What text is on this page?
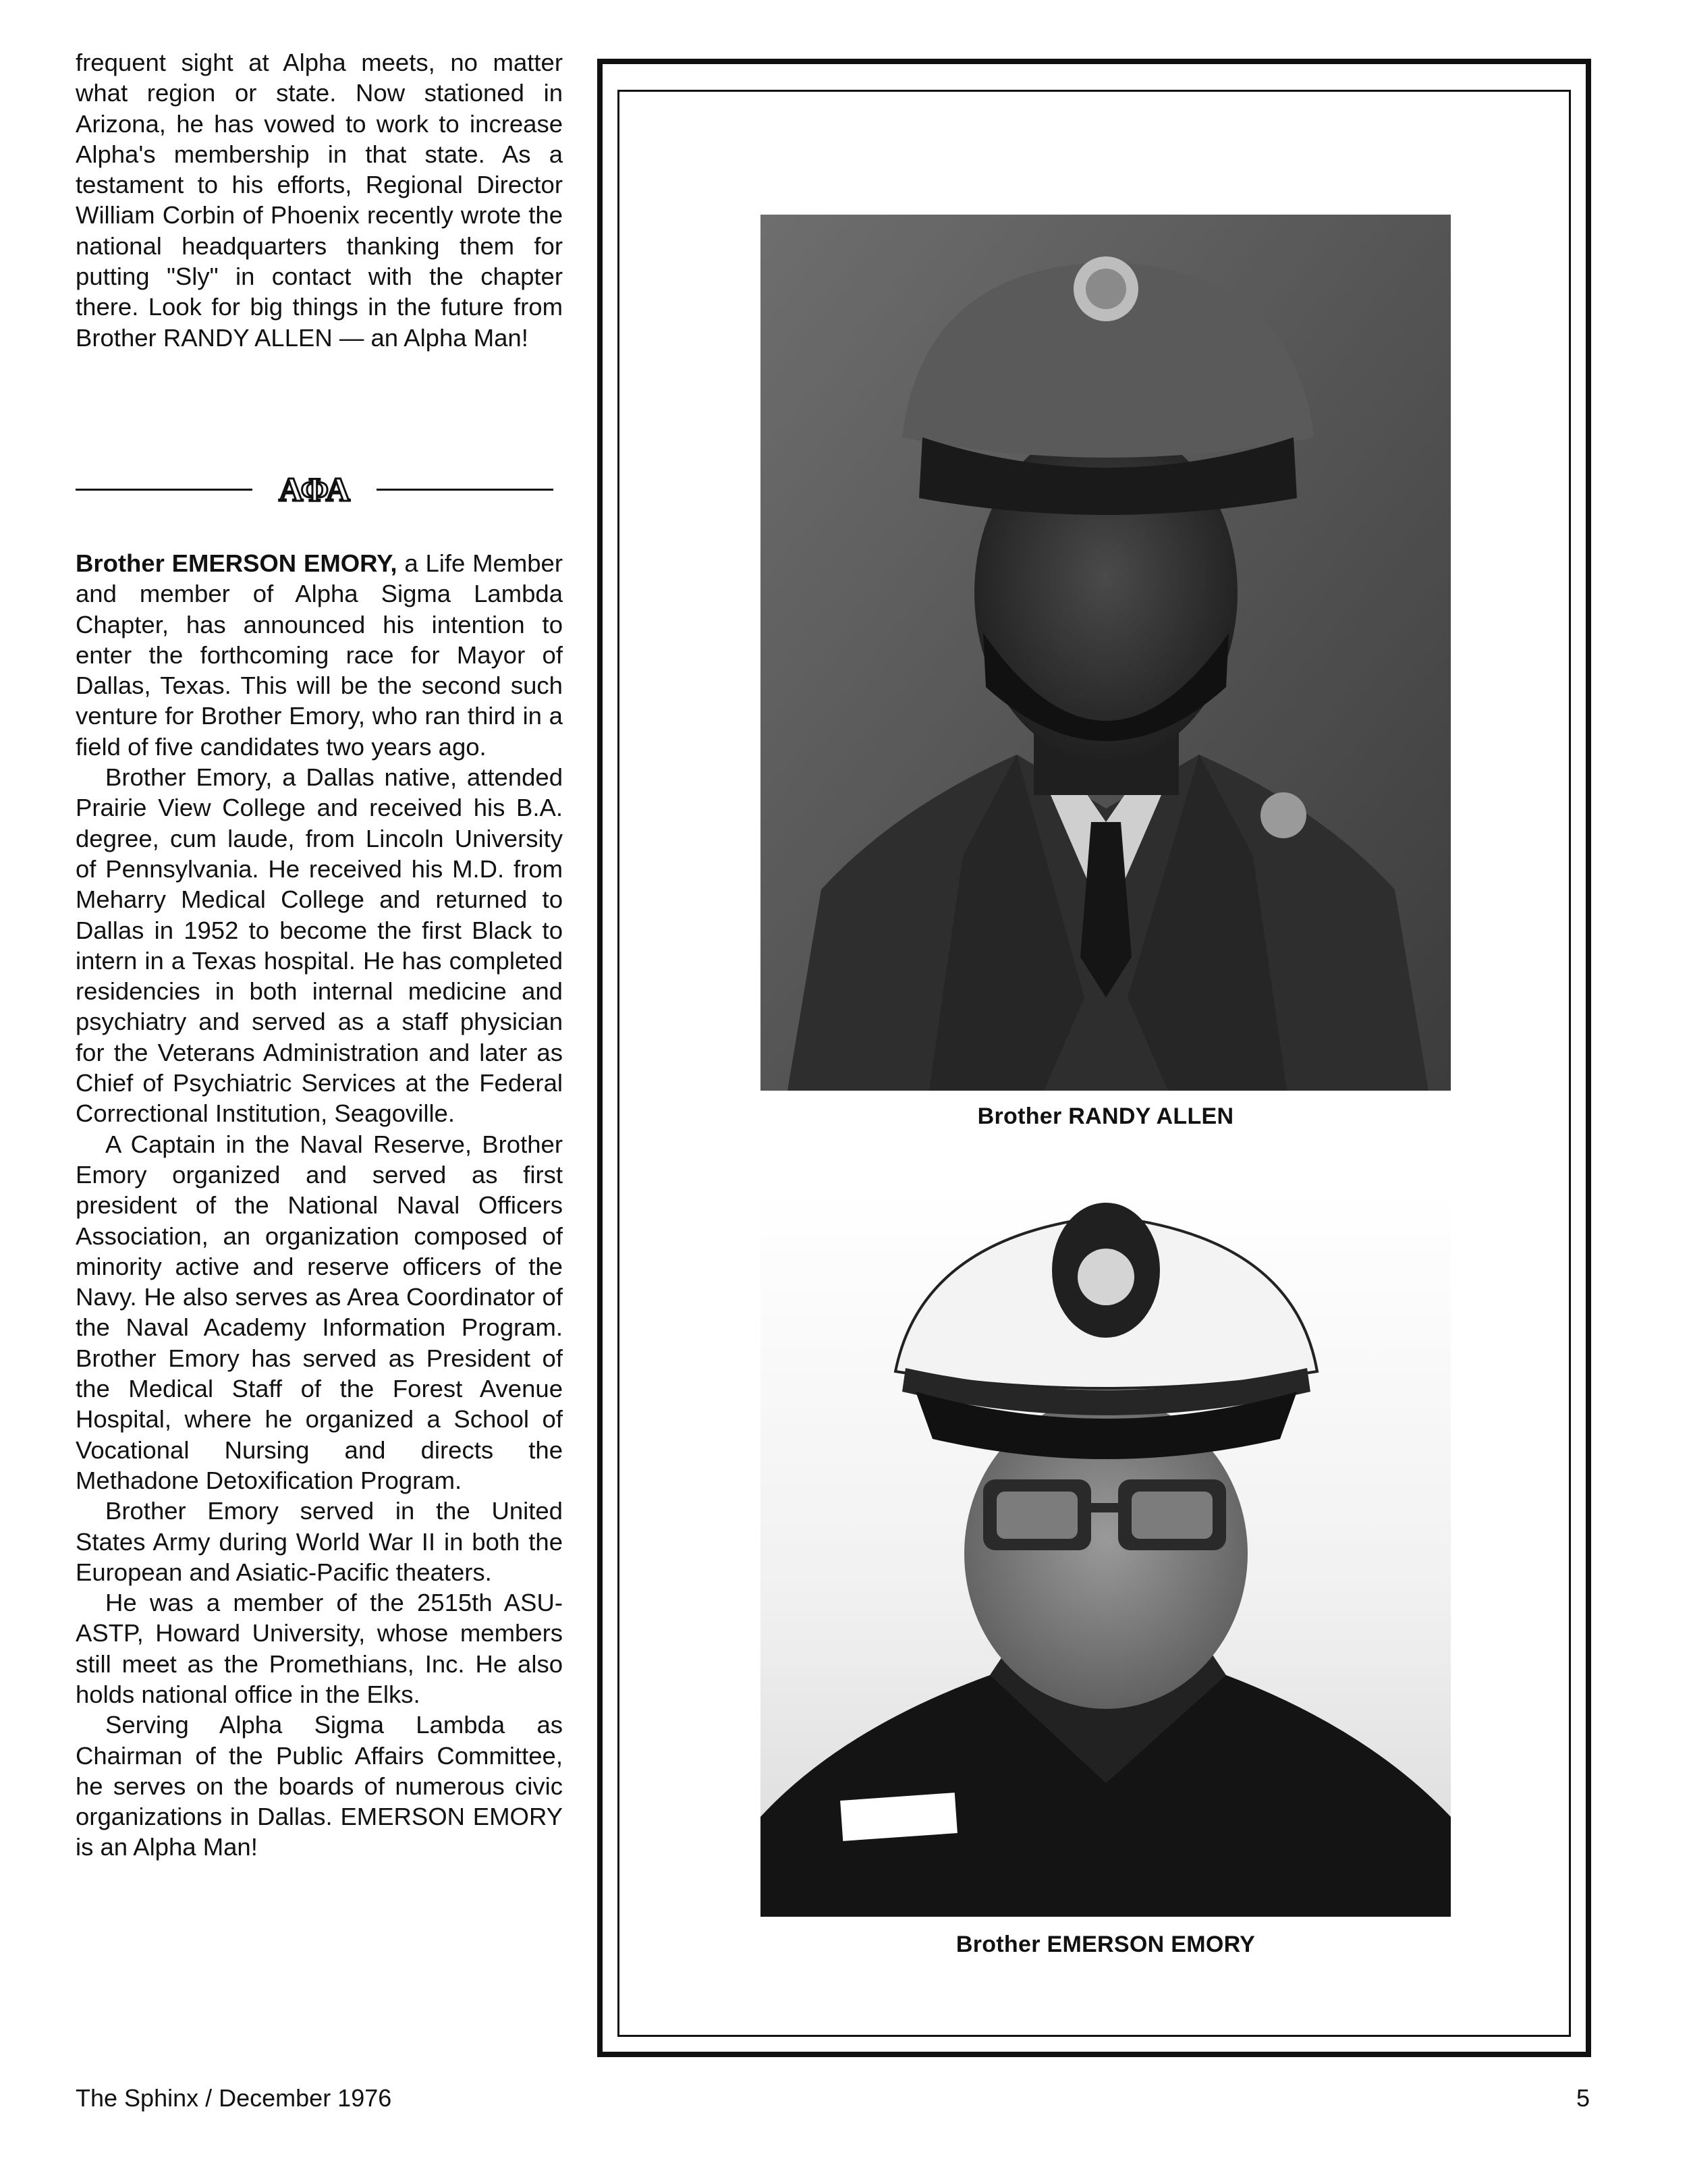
frequent sight at Alpha meets, no matter what region or state. Now stationed in Arizona, he has vowed to work to increase Alpha's membership in that state. As a testament to his efforts, Regional Director William Corbin of Phoenix recently wrote the national headquarters thanking them for putting "Sly" in contact with the chapter there. Look for big things in the future from Brother RANDY ALLEN — an Alpha Man!

ΑΦΑ

Brother EMERSON EMORY, a Life Member and member of Alpha Sigma Lambda Chapter, has announced his intention to enter the forthcoming race for Mayor of Dallas, Texas. This will be the second such venture for Brother Emory, who ran third in a field of five candidates two years ago.

Brother Emory, a Dallas native, attended Prairie View College and received his B.A. degree, cum laude, from Lincoln University of Pennsylvania. He received his M.D. from Meharry Medical College and returned to Dallas in 1952 to become the first Black to intern in a Texas hospital. He has completed residencies in both internal medicine and psychiatry and served as a staff physician for the Veterans Administration and later as Chief of Psychiatric Services at the Federal Correctional Institution, Seagoville.

A Captain in the Naval Reserve, Brother Emory organized and served as first president of the National Naval Officers Association, an organization composed of minority active and reserve officers of the Navy. He also serves as Area Coordinator of the Naval Academy Information Program. Brother Emory has served as President of the Medical Staff of the Forest Avenue Hospital, where he organized a School of Vocational Nursing and directs the Methadone Detoxification Program.

Brother Emory served in the United States Army during World War II in both the European and Asiatic-Pacific theaters.

He was a member of the 2515th ASU-ASTP, Howard University, whose members still meet as the Promethians, Inc. He also holds national office in the Elks.

Serving Alpha Sigma Lambda as Chairman of the Public Affairs Committee, he serves on the boards of numerous civic organizations in Dallas. EMERSON EMORY is an Alpha Man!

Brother RANDY ALLEN
Brother EMERSON EMORY
The Sphinx / December 1976	5
